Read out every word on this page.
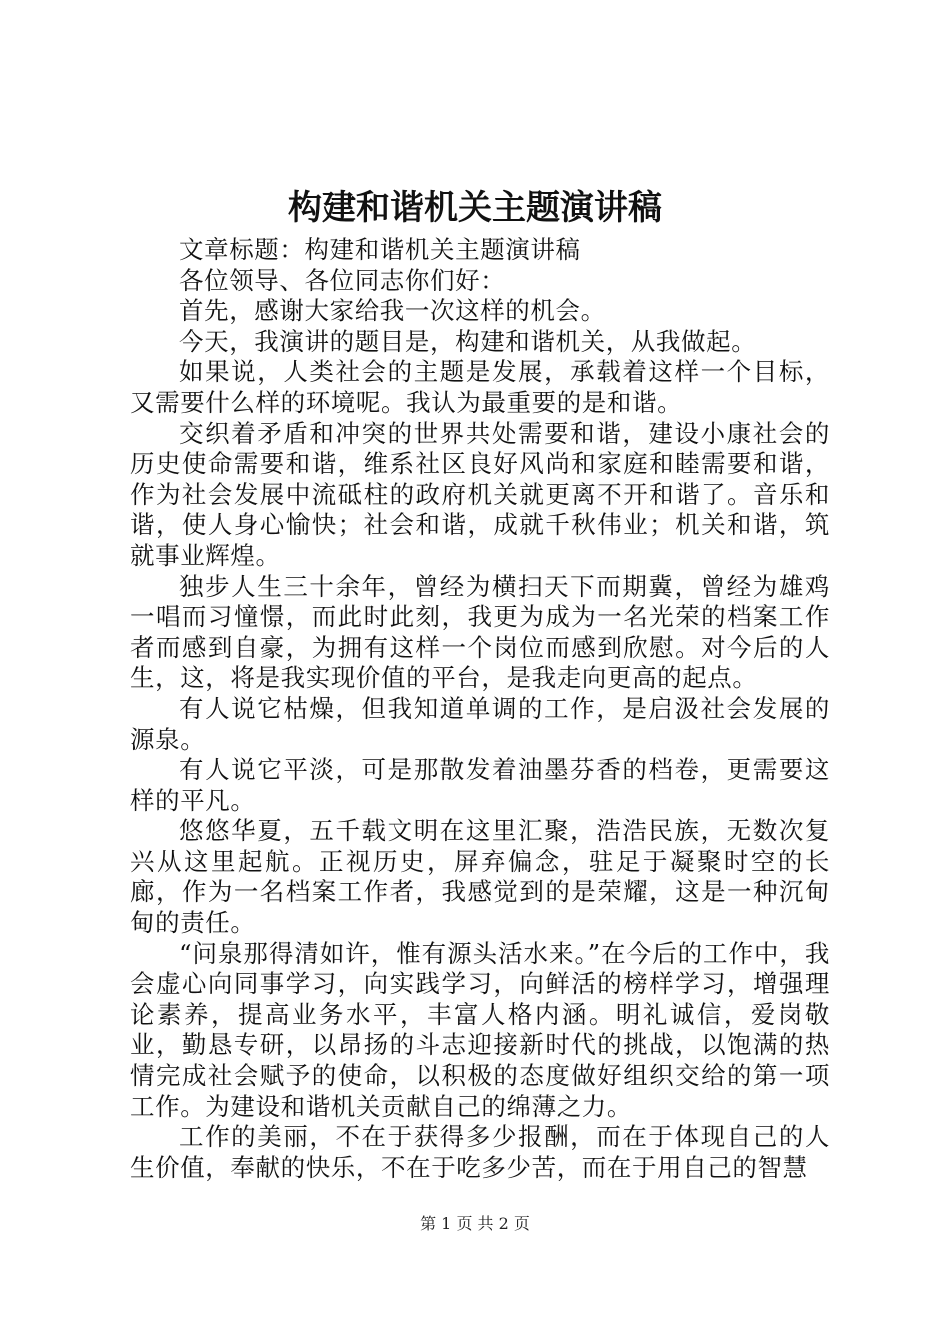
构建和谐机关主题演讲稿

文章标题：构建和谐机关主题演讲稿

各位领导、各位同志你们好：

首先，感谢大家给我一次这样的机会。

今天，我演讲的题目是，构建和谐机关，从我做起。

如果说，人类社会的主题是发展，承载着这样一个目标，又需要什么样的环境呢。我认为最重要的是和谐。

交织着矛盾和冲突的世界共处需要和谐，建设小康社会的历史使命需要和谐，维系社区良好风尚和家庭和睦需要和谐，作为社会发展中流砥柱的政府机关就更离不开和谐了。音乐和谐，使人身心愉快；社会和谐，成就千秋伟业；机关和谐，筑就事业辉煌。

独步人生三十余年，曾经为横扫天下而期冀，曾经为雄鸡一唱而习憧憬，而此时此刻，我更为成为一名光荣的档案工作者而感到自豪，为拥有这样一个岗位而感到欣慰。对今后的人生，这，将是我实现价值的平台，是我走向更高的起点。

有人说它枯燥，但我知道单调的工作，是启汲社会发展的源泉。

有人说它平淡，可是那散发着油墨芬香的档卷，更需要这样的平凡。

悠悠华夏，五千载文明在这里汇聚，浩浩民族，无数次复兴从这里起航。正视历史，屏弃偏念，驻足于凝聚时空的长廊，作为一名档案工作者，我感觉到的是荣耀，这是一种沉甸甸的责任。

“问泉那得清如许，惟有源头活水来。”在今后的工作中，我会虚心向同事学习，向实践学习，向鲜活的榜样学习，增强理论素养，提高业务水平，丰富人格内涵。明礼诚信，爱岗敬业，勤恳专研，以昂扬的斗志迎接新时代的挑战，以饱满的热情完成社会赋予的使命，以积极的态度做好组织交给的第一项工作。为建设和谐机关贡献自己的绵薄之力。

工作的美丽，不在于获得多少报酬，而在于体现自己的人生价值，奉献的快乐，不在于吃多少苦，而在于用自己的智慧

第 1 页 共 2 页
